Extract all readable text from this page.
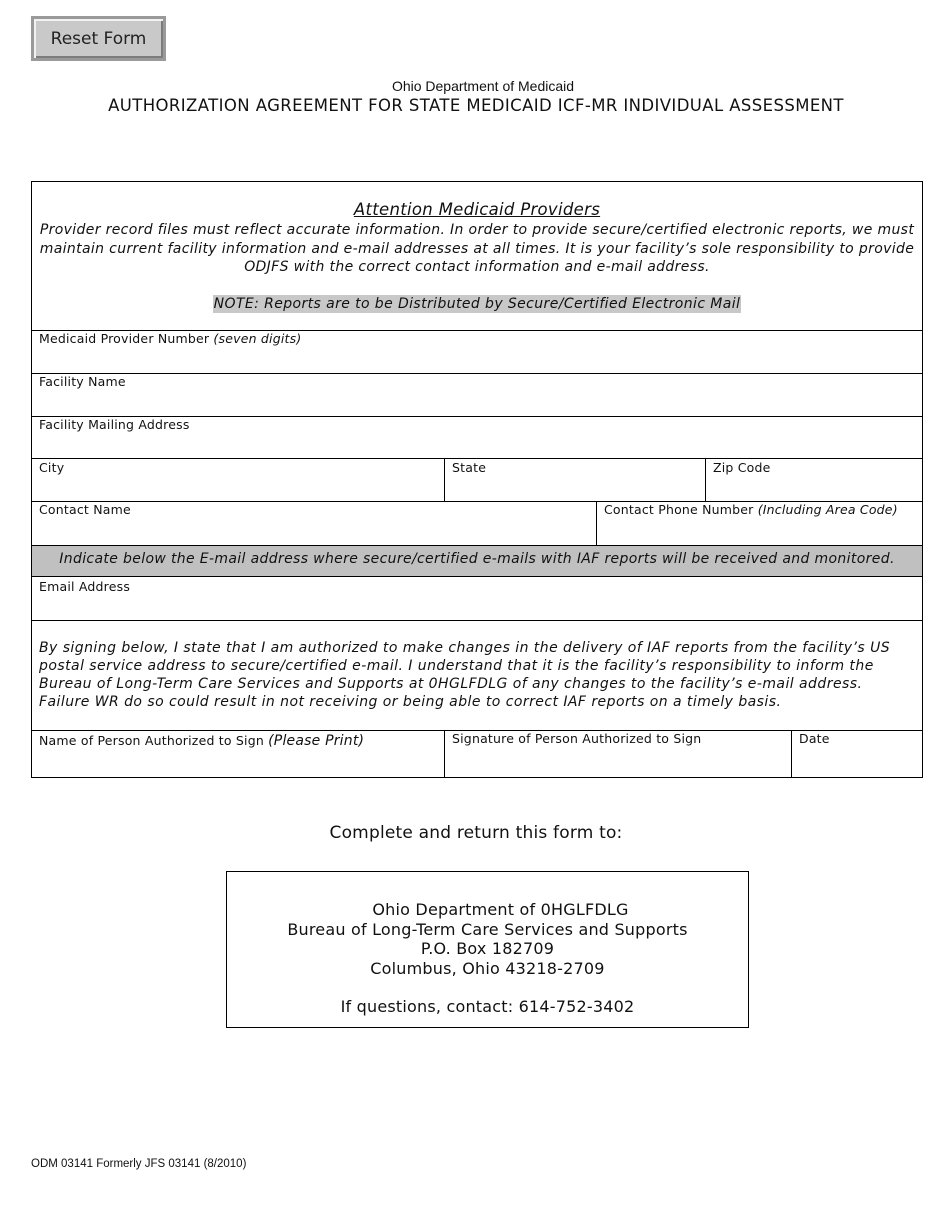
Reset Form
Ohio Department of Medicaid
AUTHORIZATION AGREEMENT FOR STATE MEDICAID ICF-MR INDIVIDUAL ASSESSMENT
Attention Medicaid Providers
Provider record files must reflect accurate information. In order to provide secure/certified electronic reports, we must maintain current facility information and e-mail addresses at all times. It is your facility’s sole responsibility to provide ODJFS with the correct contact information and e-mail address.
NOTE: Reports are to be Distributed by Secure/Certified Electronic Mail
Medicaid Provider Number (seven digits)
Facility Name
Facility Mailing Address
City	State	Zip Code
Contact Name	Contact Phone Number (Including Area Code)
Indicate below the E-mail address where secure/certified e-mails with IAF reports will be received and monitored.
Email Address
By signing below, I state that I am authorized to make changes in the delivery of IAF reports from the facility’s US postal service address to secure/certified e-mail. I understand that it is the facility’s responsibility to inform the Bureau of Long-Term Care Services and Supports at 0HGLFDLG of any changes to the facility’s e-mail address. Failure WR do so could result in not receiving or being able to correct IAF reports on a timely basis.
Name of Person Authorized to Sign (Please Print)	Signature of Person Authorized to Sign	Date
Complete and return this form to:
Ohio Department of 0HGLFDLG
Bureau of Long-Term Care Services and Supports
P.O. Box 182709
Columbus, Ohio 43218-2709
If questions, contact: 614-752-3402
ODM 03141 Formerly JFS 03141 (8/2010)
